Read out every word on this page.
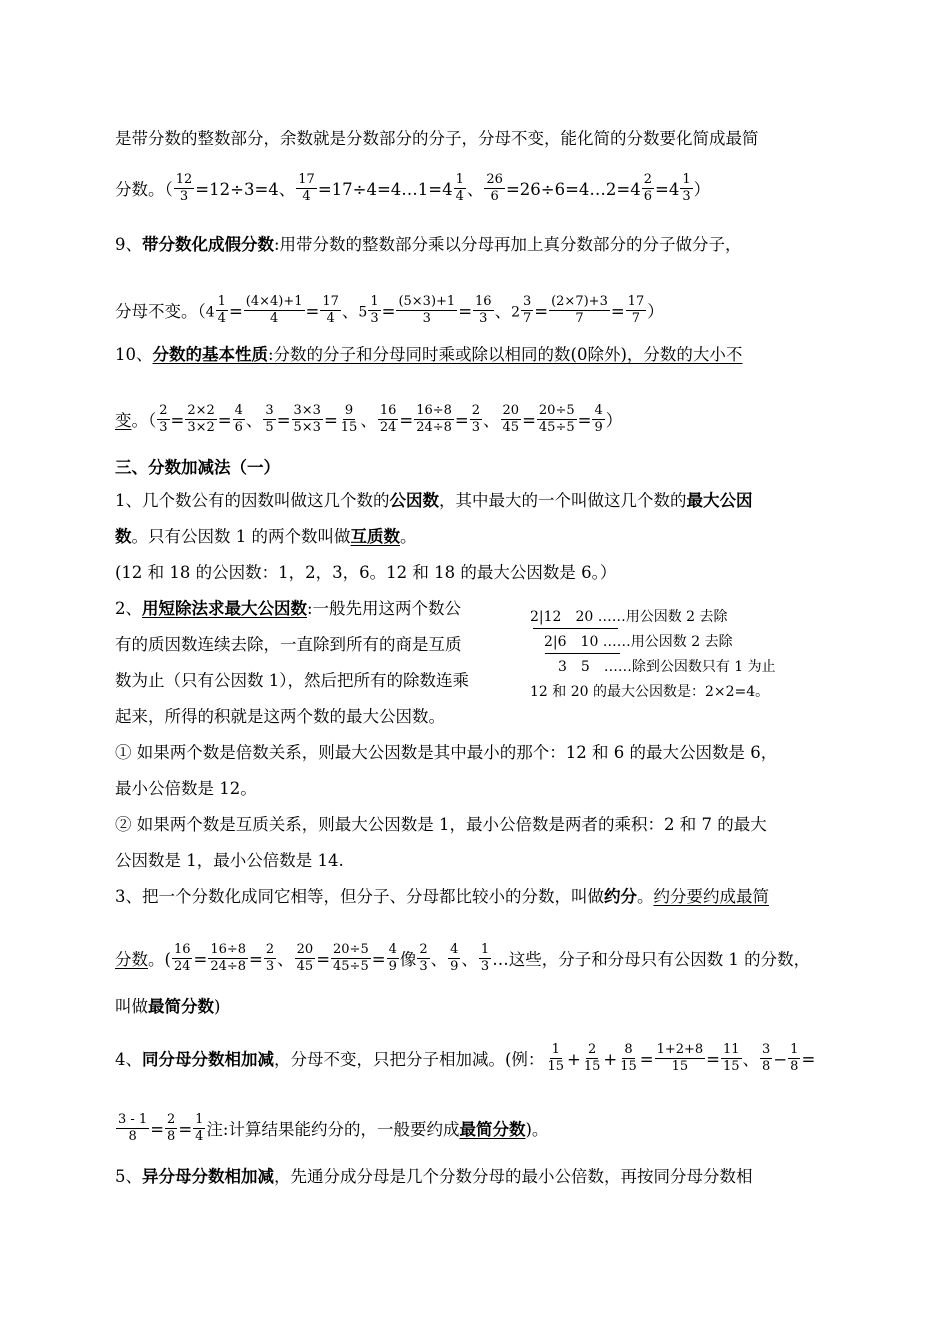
是带分数的整数部分，余数就是分数部分的分子，分母不变，能化简的分数要化简成最简
分数。（ $\frac{12}{3} =12\div 3=4$、 $\frac{17}{4}$ =17÷4=4…1=4 $\frac{1}{4}$ 、 $\frac{26}{6}$ =26÷6=4…2=4 $\frac{2}{6} =4 \frac{1}{3}$ ）
9、带分数化成假分数:用带分数的整数部分乘以分母再加上真分数部分的分子做分子，
分母不变。（$4 \frac{1}{4} = \frac{(4\times 4)+1}{4} = \frac{17}{4}$ 、$5 \frac{1}{3} = \frac{(5\times 3)+1}{3} = \frac{16}{3}$ 、$2 \frac{3}{7} = \frac{(2\times 7)+3}{7} = \frac{17}{7}$ ）
10、分数的基本性质:分数的分子和分母同时乘或除以相同的数(0除外)，分数的大小不
变。（ $\frac{2}{3} = \frac{2\times 2}{3\times 2} = \frac{4}{6}$ 、 $\frac{3}{5} = \frac{3\times 3}{5\times 3} = \frac{9}{15}$ 、 $\frac{16}{24} = \frac{16\div 8}{24\div 8} = \frac{2}{3}$ 、 $\frac{20}{45} = \frac{20\div 5}{45\div 5} = \frac{4}{9}$ ）
三、分数加减法（一）
1、几个数公有的因数叫做这几个数的公因数，其中最大的一个叫做这几个数的最大公因
数。只有公因数 1 的两个数叫做互质数。
(12 和 18 的公因数：1，2，3，6。12 和 18 的最大公因数是 6。）
2、用短除法求最大公因数:一般先用这两个数公
有的质因数连续去除，一直除到所有的商是互质
数为止（只有公因数 1），然后把所有的除数连乘
起来，所得的积就是这两个数的最大公因数。
2|12　20 ……用公因数 2 去除
　2|6　10 ……用公因数 2 去除
　　3　5　……除到公因数只有 1 为止
12 和 20 的最大公因数是：2×2=4。
① 如果两个数是倍数关系，则最大公因数是其中最小的那个：12 和 6 的最大公因数是 6，
最小公倍数是 12。
② 如果两个数是互质关系，则最大公因数是 1，最小公倍数是两者的乘积：2 和 7 的最大
公因数是 1，最小公倍数是 14.
3、把一个分数化成同它相等，但分子、分母都比较小的分数，叫做约分。约分要约成最简
分数。( $\frac{16}{24} = \frac{16\div 8}{24\div 8} = \frac{2}{3}$ 、 $\frac{20}{45} = \frac{20\div 5}{45\div 5} = \frac{4}{9}$ 像 $\frac{2}{3}$ 、 $\frac{4}{9}$ 、 $\frac{1}{3}$ …这些，分子和分母只有公因数 1 的分数，
叫做最简分数)
4、同分母分数相加减，分母不变，只把分子相加减。(例： $\frac{1}{15} + \frac{2}{15} + \frac{8}{15} = \frac{1+2+8}{15} = \frac{11}{15}$ 、 $\frac{3}{8} - \frac{1}{8}$ =
$\frac{3 - 1}{8} = \frac{2}{8} = \frac{1}{4}$ 注:计算结果能约分的，一般要约成最简分数)。
5、异分母分数相加减，先通分成分母是几个分数分母的最小公倍数，再按同分母分数相
